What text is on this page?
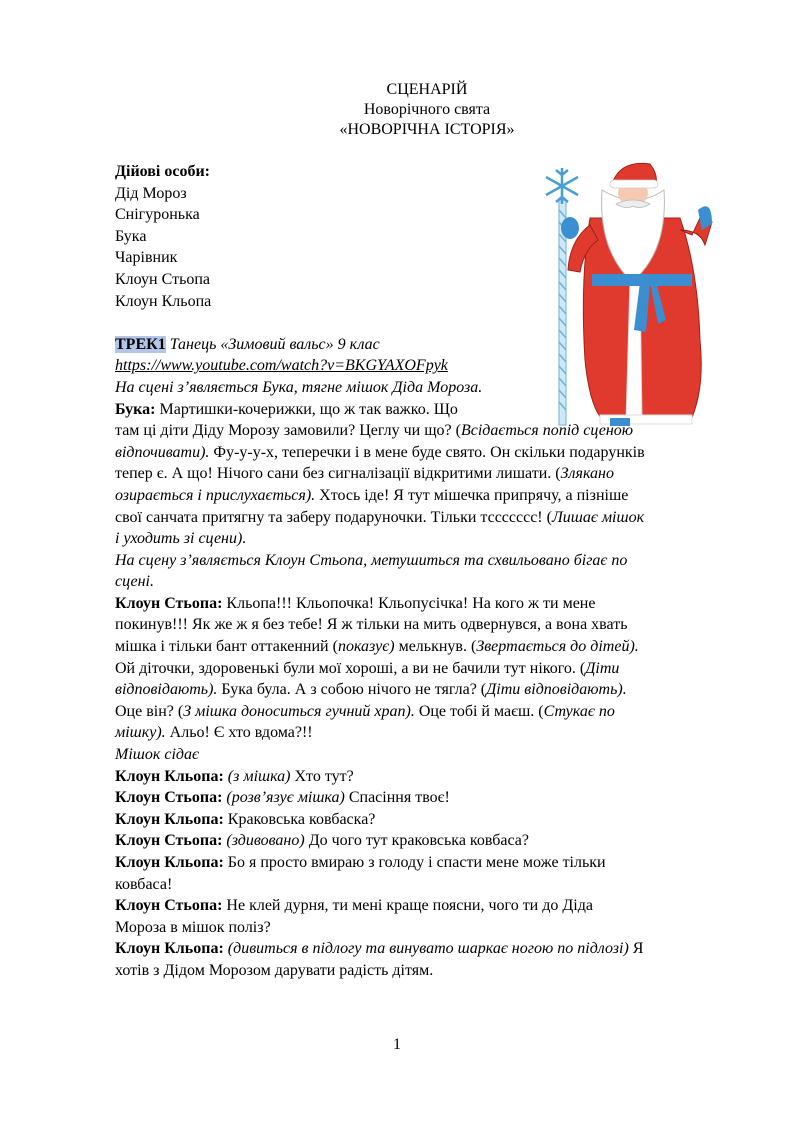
СЦЕНАРІЙ
Новорічного свята
«НОВОРІЧНА ІСТОРІЯ»
Дійові особи:
Дід Мороз
Снігуронька
Бука
Чарівник
Клоун Стьопа
Клоун Кльопа
ТРЕК1 Танець «Зимовий вальс» 9 клас
https://www.youtube.com/watch?v=BKGYAXOFpyk
На сцені з’являється Бука, тягне мішок Діда Мороза.
Бука: Мартишки-кочерижки, що ж так важко. Що
там ці діти Діду Морозу замовили? Цеглу чи що? (Всідається попід сценою
відпочивати). Фу-у-у-х, теперечки і в мене буде свято. Он скільки подарунків
тепер є. А що! Нічого сани без сигналізації відкритими лишати. (Злякано
озирається і прислухається). Хтось іде! Я тут мішечка припрячу, а пізніше
свої санчата притягну та заберу подаруночки. Тільки тссссссс! (Лишає мішок
і уходить зі сцени).
На сцену з’являється Клоун Стьопа, метушиться та схвильовано бігає по
сцені.
Клоун Стьопа: Кльопа!!! Кльопочка! Кльопусічка! На кого ж ти мене
покинув!!! Як же ж я без тебе! Я ж тільки на мить одвернувся, а вона хвать
мішка і тільки бант оттакенний (показує) мелькнув. (Звертається до дітей).
Ой діточки, здоровенькі були мої хороші, а ви не бачили тут нікого. (Діти
відповідають). Бука була. А з собою нічого не тягла? (Діти відповідають).
Оце він? (З мішка доноситься гучний храп). Оце тобі й маєш. (Стукає по
мішку). Альо! Є хто вдома?!!
Мішок сідає
Клоун Кльопа: (з мішка) Хто тут?
Клоун Стьопа: (розв’язує мішка) Спасіння твоє!
Клоун Кльопа: Краковська ковбаска?
Клоун Стьопа: (здивовано) До чого тут краковська ковбаса?
Клоун Кльопа: Бо я просто вмираю з голоду і спасти мене може тільки
ковбаса!
Клоун Стьопа: Не клей дурня, ти мені краще поясни, чого ти до Діда
Мороза в мішок поліз?
Клоун Кльопа: (дивиться в підлогу та винувато шаркає ногою по підлозі) Я
хотів з Дідом Морозом дарувати радість дітям.
1
